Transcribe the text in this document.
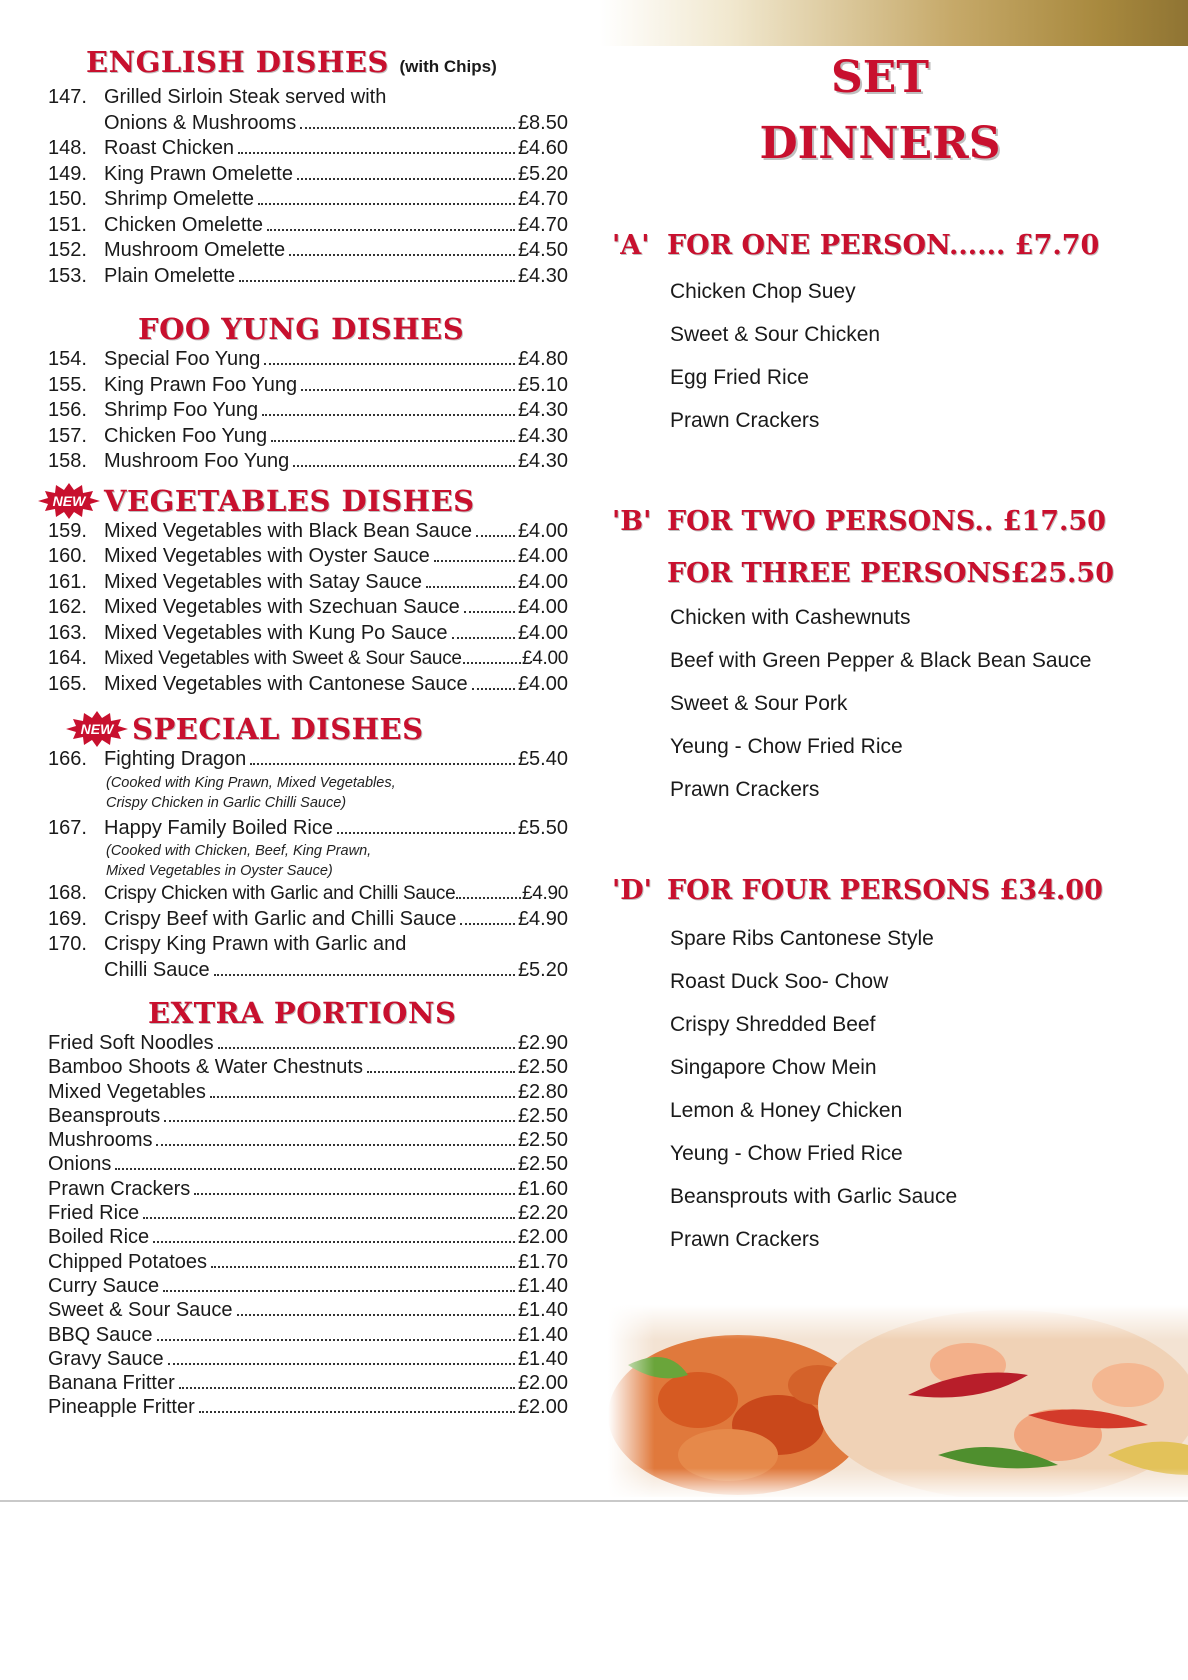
ENGLISH DISHES (with Chips)
147. Grilled Sirloin Steak served with
Onions & Mushrooms	£8.50
148. Roast Chicken	£4.60
149. King Prawn Omelette	£5.20
150. Shrimp Omelette	£4.70
151. Chicken Omelette	£4.70
152. Mushroom Omelette	£4.50
153. Plain Omelette	£4.30
FOO YUNG DISHES
154. Special Foo Yung	£4.80
155. King Prawn Foo Yung	£5.10
156. Shrimp Foo Yung	£4.30
157. Chicken Foo Yung	£4.30
158. Mushroom Foo Yung	£4.30
NEW VEGETABLES DISHES
159. Mixed Vegetables with Black Bean Sauce £4.00
160. Mixed Vegetables with Oyster Sauce	£4.00
161. Mixed Vegetables with Satay Sauce	£4.00
162. Mixed Vegetables with Szechuan Sauce	£4.00
163. Mixed Vegetables with Kung Po Sauce	£4.00
164. Mixed Vegetables with Sweet & Sour Sauce	£4.00
165. Mixed Vegetables with Cantonese Sauce	£4.00
NEW SPECIAL DISHES
166. Fighting Dragon	£5.40
(Cooked with King Prawn, Mixed Vegetables,
Crispy Chicken in Garlic Chilli Sauce)
167. Happy Family Boiled Rice	£5.50
(Cooked with Chicken, Beef, King Prawn,
Mixed Vegetables in Oyster Sauce)
168. Crispy Chicken with Garlic and Chilli Sauce	£4.90
169. Crispy Beef with Garlic and Chilli Sauce	£4.90
170. Crispy King Prawn with Garlic and
Chilli Sauce	£5.20
EXTRA PORTIONS
Fried Soft Noodles	£2.90
Bamboo Shoots & Water Chestnuts	£2.50
Mixed Vegetables	£2.80
Beansprouts	£2.50
Mushrooms	£2.50
Onions	£2.50
Prawn Crackers	£1.60
Fried Rice	£2.20
Boiled Rice	£2.00
Chipped Potatoes	£1.70
Curry Sauce	£1.40
Sweet & Sour Sauce	£1.40
BBQ Sauce	£1.40
Gravy Sauce	£1.40
Banana Fritter	£2.00
Pineapple Fritter	£2.00
SET
DINNERS
'A' FOR ONE PERSON...... £7.70
Chicken Chop Suey
Sweet & Sour Chicken
Egg Fried Rice
Prawn Crackers
'B' FOR TWO PERSONS.. £17.50
FOR THREE PERSONS£25.50
Chicken with Cashewnuts
Beef with Green Pepper & Black Bean Sauce
Sweet & Sour Pork
Yeung - Chow Fried Rice
Prawn Crackers
'D' FOR FOUR PERSONS £34.00
Spare Ribs Cantonese Style
Roast Duck Soo- Chow
Crispy Shredded Beef
Singapore Chow Mein
Lemon & Honey Chicken
Yeung - Chow Fried Rice
Beansprouts with Garlic Sauce
Prawn Crackers
